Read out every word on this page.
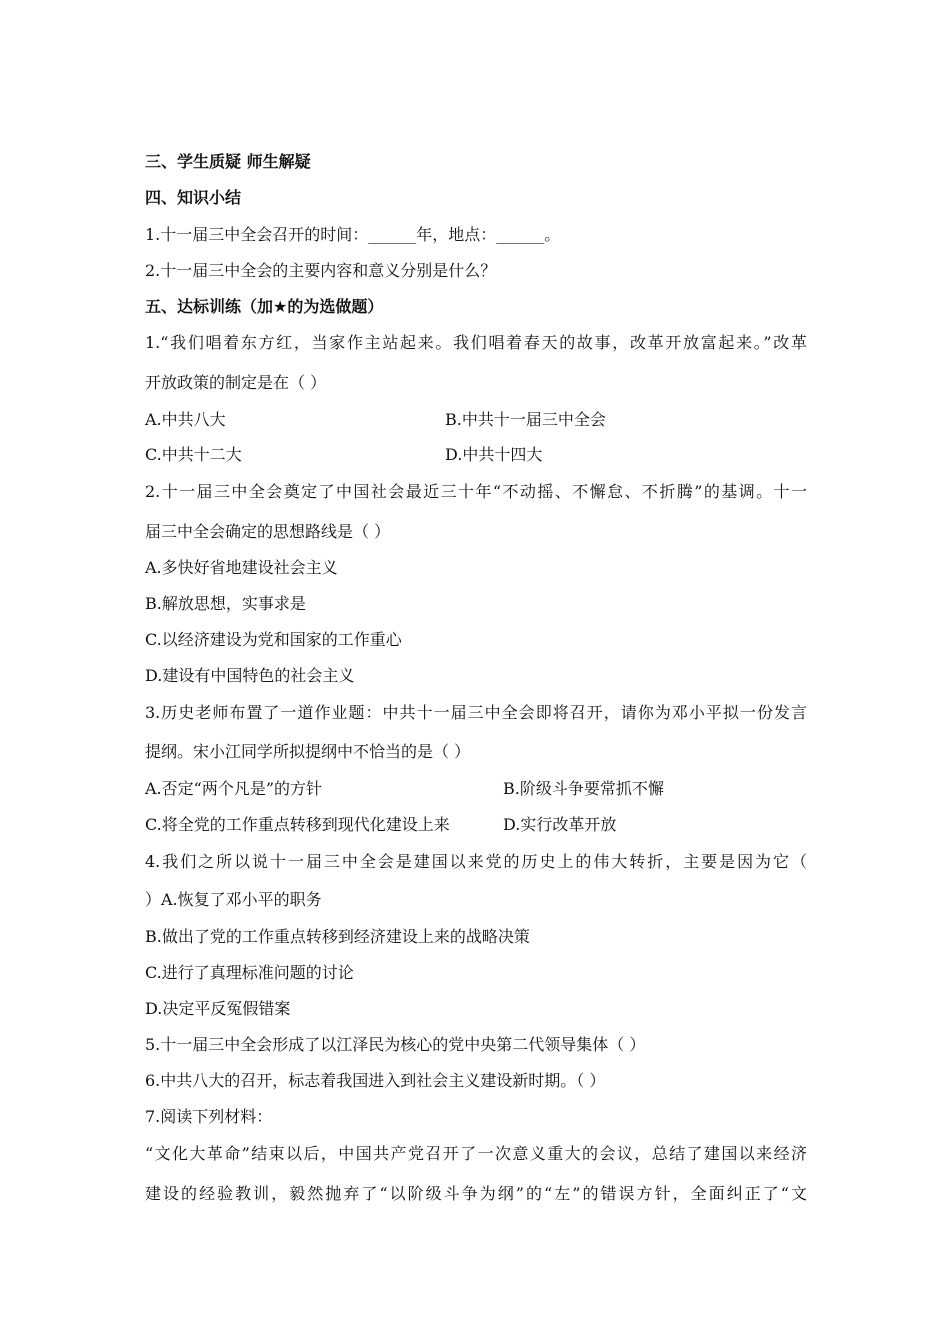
三、学生质疑 师生解疑
四、知识小结
1.十一届三中全会召开的时间：______年，地点：______。
2.十一届三中全会的主要内容和意义分别是什么？
五、达标训练（加★的为选做题）
1.“我们唱着东方红，当家作主站起来。我们唱着春天的故事，改革开放富起来。”改革
开放政策的制定是在（ ）
A.中共八大	B.中共十一届三中全会
C.中共十二大	D.中共十四大
2.十一届三中全会奠定了中国社会最近三十年“不动摇、不懈怠、不折腾”的基调。十一
届三中全会确定的思想路线是（ ）
A.多快好省地建设社会主义
B.解放思想，实事求是
C.以经济建设为党和国家的工作重心
D.建设有中国特色的社会主义
3.历史老师布置了一道作业题：中共十一届三中全会即将召开，请你为邓小平拟一份发言
提纲。宋小江同学所拟提纲中不恰当的是（ ）
A.否定“两个凡是”的方针	B.阶级斗争要常抓不懈
C.将全党的工作重点转移到现代化建设上来	D.实行改革开放
4.我们之所以说十一届三中全会是建国以来党的历史上的伟大转折，主要是因为它（
）A.恢复了邓小平的职务
B.做出了党的工作重点转移到经济建设上来的战略决策
C.进行了真理标准问题的讨论
D.决定平反冤假错案
5.十一届三中全会形成了以江泽民为核心的党中央第二代领导集体（ ）
6.中共八大的召开，标志着我国进入到社会主义建设新时期。（ ）
7.阅读下列材料：
“文化大革命”结束以后，中国共产党召开了一次意义重大的会议，总结了建国以来经济
建设的经验教训，毅然抛弃了“以阶级斗争为纲”的“左”的错误方针，全面纠正了“文
